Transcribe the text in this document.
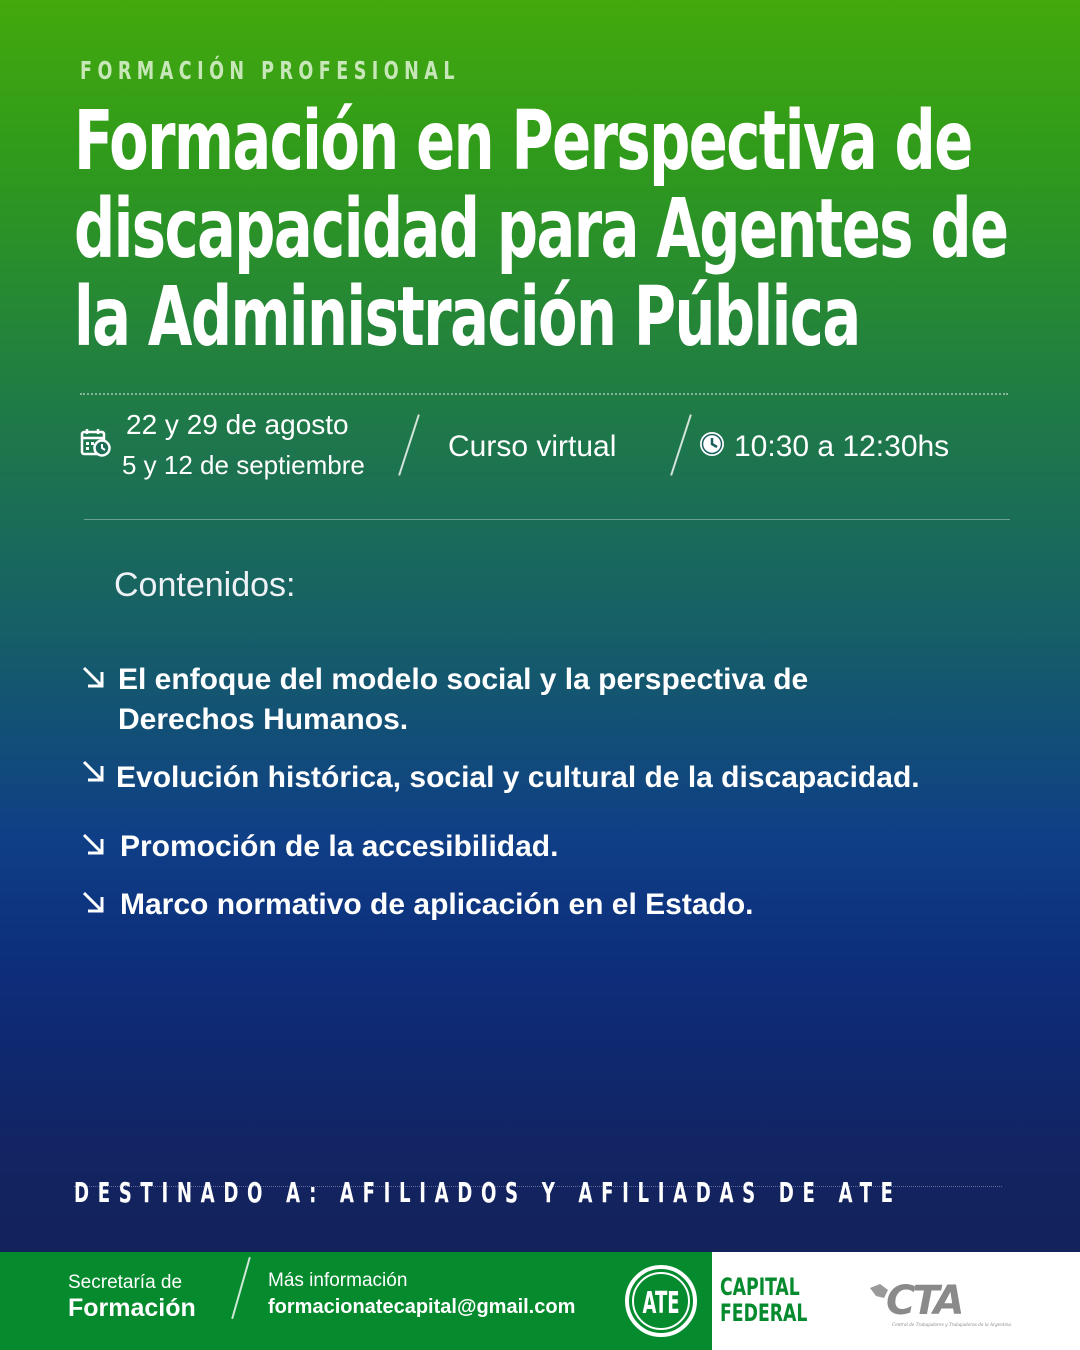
FORMACIÓN PROFESIONAL
Formación en Perspectiva de
discapacidad para Agentes de
la Administración Pública
22 y 29 de agosto
5 y 12 de septiembre
Curso virtual	10:30 a 12:30hs
Contenidos:
El enfoque del modelo social y la perspectiva de
Derechos Humanos.
Evolución histórica, social y cultural de la discapacidad.
Promoción de la accesibilidad.
Marco normativo de aplicación en el Estado.
DESTINADO A: AFILIADOS Y AFILIADAS DE ATE
Secretaría de
Formación
Más información
formacionatecapital@gmail.com ATE CAPITAL
FEDERAL CTA
Central de Trabajadores y Trabajadoras de la Argentina
